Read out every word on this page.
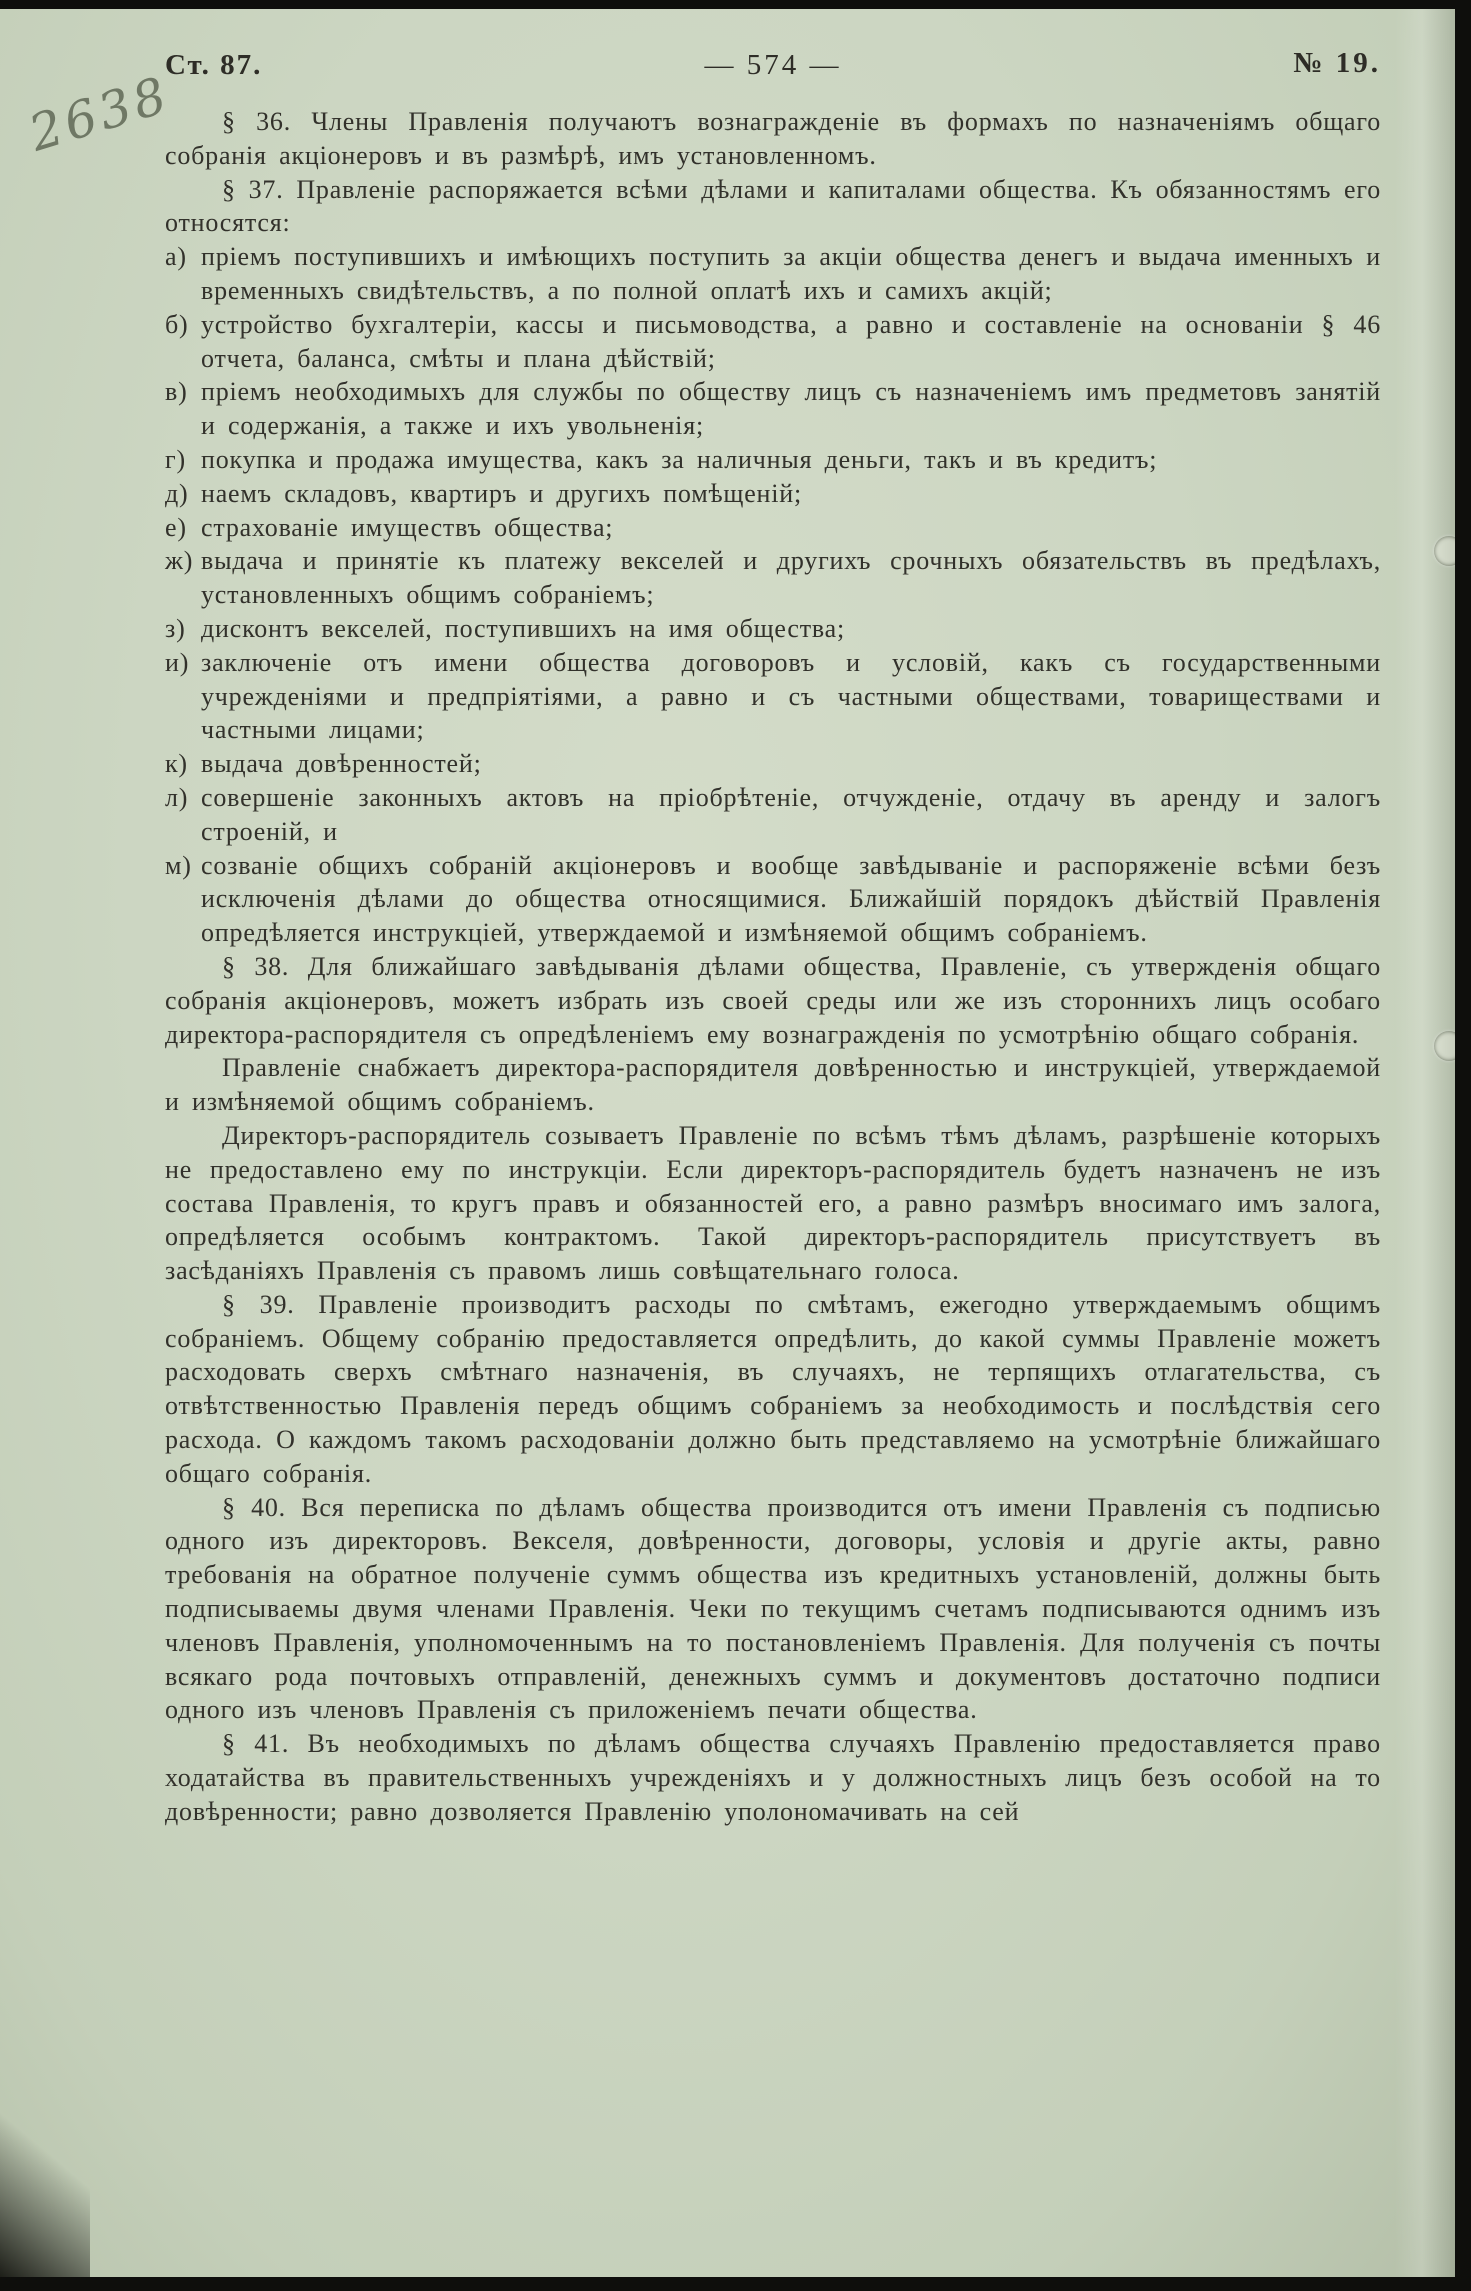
Ст. 87.	— 574 —	№ 19.
2638	§ 36. Члены Правленія получаютъ вознагражденіе въ формахъ по назначеніямъ общаго собранія акціонеровъ и въ размѣрѣ, имъ установленномъ.

§ 37. Правленіе распоряжается всѣми дѣлами и капиталами общества. Къ обязанностямъ его относятся:

а) пріемъ поступившихъ и имѣющихъ поступить за акціи общества денегъ и выдача именныхъ и временныхъ свидѣтельствъ, а по полной оплатѣ ихъ и самихъ акцій;

б) устройство бухгалтеріи, кассы и письмоводства, а равно и составленіе на основаніи § 46 отчета, баланса, смѣты и плана дѣйствій;

в) пріемъ необходимыхъ для службы по обществу лицъ съ назначеніемъ имъ предметовъ занятій и содержанія, а также и ихъ увольненія;

г) покупка и продажа имущества, какъ за наличныя деньги, такъ и въ кредитъ;

д) наемъ складовъ, квартиръ и другихъ помѣщеній;

е) страхованіе имуществъ общества;

ж) выдача и принятіе къ платежу векселей и другихъ срочныхъ обязательствъ въ предѣлахъ, установленныхъ общимъ собраніемъ;

з) дисконтъ векселей, поступившихъ на имя общества;

и) заключеніе отъ имени общества договоровъ и условій, какъ съ государственными учрежденіями и предпріятіями, а равно и съ частными обществами, товариществами и частными лицами;

к) выдача довѣренностей;

л) совершеніе законныхъ актовъ на пріобрѣтеніе, отчужденіе, отдачу въ аренду и залогъ строеній, и

м) созваніе общихъ собраній акціонеровъ и вообще завѣдываніе и распоряженіе всѣми безъ исключенія дѣлами до общества относящимися. Ближайшій порядокъ дѣйствій Правленія опредѣляется инструкціей, утверждаемой и измѣняемой общимъ собраніемъ.

§ 38. Для ближайшаго завѣдыванія дѣлами общества, Правленіе, съ утвержденія общаго собранія акціонеровъ, можетъ избрать изъ своей среды или же изъ стороннихъ лицъ особаго директора-распорядителя съ опредѣленіемъ ему вознагражденія по усмотрѣнію общаго собранія.

Правленіе снабжаетъ директора-распорядителя довѣренностью и инструкціей, утверждаемой и измѣняемой общимъ собраніемъ.

Директоръ-распорядитель созываетъ Правленіе по всѣмъ тѣмъ дѣламъ, разрѣшеніе которыхъ не предоставлено ему по инструкціи. Если директоръ-распорядитель будетъ назначенъ не изъ состава Правленія, то кругъ правъ и обязанностей его, а равно размѣръ вносимаго имъ залога, опредѣляется особымъ контрактомъ. Такой директоръ-распорядитель присутствуетъ въ засѣданіяхъ Правленія съ правомъ лишь совѣщательнаго голоса.

§ 39. Правленіе производитъ расходы по смѣтамъ, ежегодно утверждаемымъ общимъ собраніемъ. Общему собранію предоставляется опредѣлить, до какой суммы Правленіе можетъ расходовать сверхъ смѣтнаго назначенія, въ случаяхъ, не терпящихъ отлагательства, съ отвѣтственностью Правленія передъ общимъ собраніемъ за необходимость и послѣдствія сего расхода. О каждомъ такомъ расходованіи должно быть представляемо на усмотрѣніе ближайшаго общаго собранія.

§ 40. Вся переписка по дѣламъ общества производится отъ имени Правленія съ подписью одного изъ директоровъ. Векселя, довѣренности, договоры, условія и другіе акты, равно требованія на обратное полученіе суммъ общества изъ кредитныхъ установленій, должны быть подписываемы двумя членами Правленія. Чеки по текущимъ счетамъ подписываются однимъ изъ членовъ Правленія, уполномоченнымъ на то постановленіемъ Правленія. Для полученія съ почты всякаго рода почтовыхъ отправленій, денежныхъ суммъ и документовъ достаточно подписи одного изъ членовъ Правленія съ приложеніемъ печати общества.

§ 41. Въ необходимыхъ по дѣламъ общества случаяхъ Правленію предоставляется право ходатайства въ правительственныхъ учрежденіяхъ и у должностныхъ лицъ безъ особой на то довѣренности; равно дозволяется Правленію уполономачивать на сей
